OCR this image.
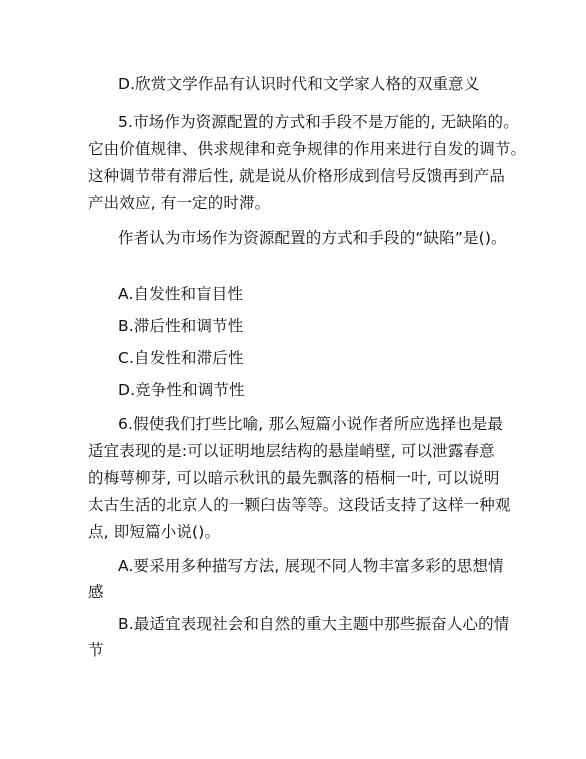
D.欣赏文学作品有认识时代和文学家人格的双重意义
5.市场作为资源配置的方式和手段不是万能的, 无缺陷的。
它由价值规律、供求规律和竞争规律的作用来进行自发的调节。
这种调节带有滞后性, 就是说从价格形成到信号反馈再到产品
产出效应, 有一定的时滞。
作者认为市场作为资源配置的方式和手段的“缺陷”是()。
A.自发性和盲目性
B.滞后性和调节性
C.自发性和滞后性
D.竞争性和调节性
6.假使我们打些比喻, 那么短篇小说作者所应选择也是最
适宜表现的是:可以证明地层结构的悬崖峭壁, 可以泄露春意
的梅萼柳芽, 可以暗示秋讯的最先飘落的梧桐一叶, 可以说明
太古生活的北京人的一颗臼齿等等。这段话支持了这样一种观
点, 即短篇小说()。
A.要采用多种描写方法, 展现不同人物丰富多彩的思想情
感
B.最适宜表现社会和自然的重大主题中那些振奋人心的情
节
